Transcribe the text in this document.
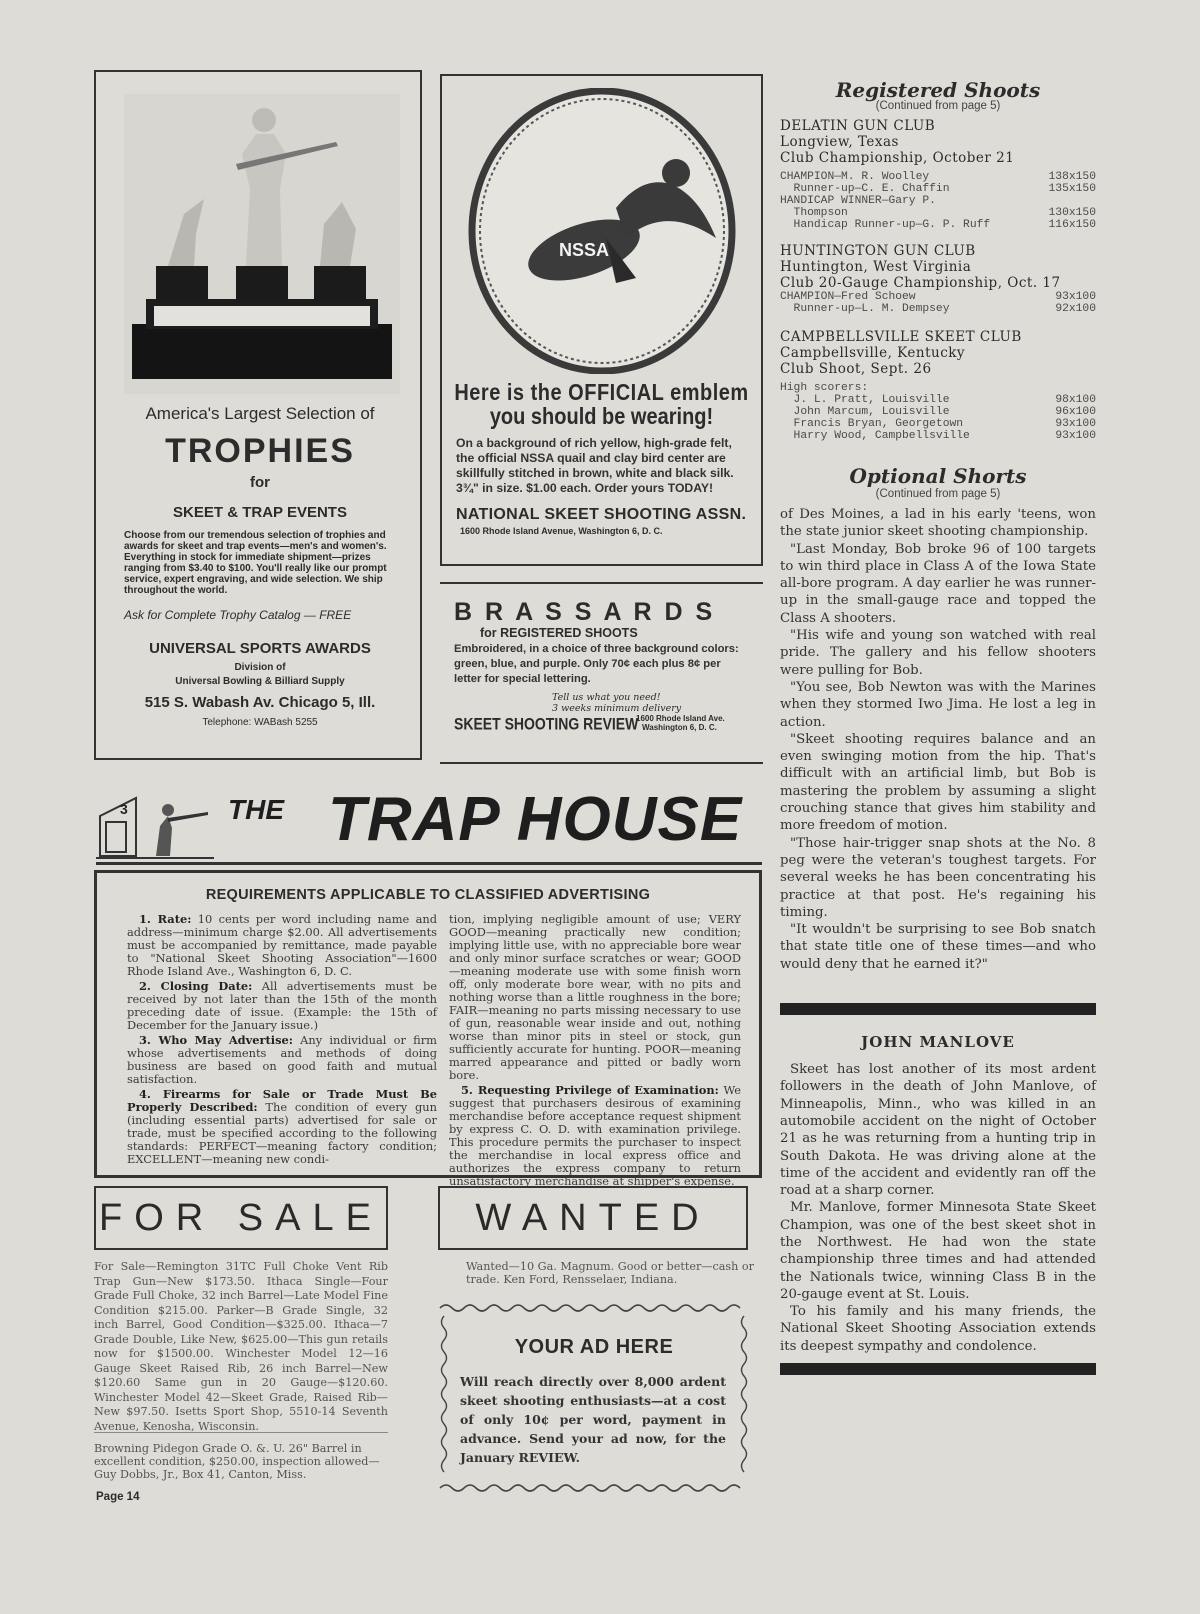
America's Largest Selection of
TROPHIES
for
SKEET & TRAP EVENTS
Choose from our tremendous selection of trophies and awards for skeet and trap events—men's and women's. Everything in stock for immediate shipment—prizes ranging from $3.40 to $100. You'll really like our prompt service, expert engraving, and wide selection. We ship throughout the world.
Ask for Complete Trophy Catalog — FREE
UNIVERSAL SPORTS AWARDS
Division of
Universal Bowling & Billiard Supply
515 S. Wabash Av. Chicago 5, Ill.
Telephone: WABash 5255
NSSA
Here is the OFFICIAL emblem
you should be wearing!
On a background of rich yellow, high-grade felt, the official NSSA quail and clay bird center are skillfully stitched in brown, white and black silk. 3¾" in size. $1.00 each. Order yours TODAY!
NATIONAL SKEET SHOOTING ASSN.
1600 Rhode Island Avenue, Washington 6, D. C.
B R A S S A R D S
for REGISTERED SHOOTS
Embroidered, in a choice of three background colors: green, blue, and purple. Only 70¢ each plus 8¢ per letter for special lettering.
Tell us what you need!
3 weeks minimum delivery
SKEET SHOOTING REVIEW
1600 Rhode Island Ave.
Washington 6, D. C.
3	THE TRAP HOUSE
REQUIREMENTS APPLICABLE TO CLASSIFIED ADVERTISING

1. Rate: 10 cents per word including name and address—minimum charge $2.00. All advertisements must be accompanied by remittance, made payable to "National Skeet Shooting Association"—1600 Rhode Island Ave., Washington 6, D. C.

2. Closing Date: All advertisements must be received by not later than the 15th of the month preceding date of issue. (Example: the 15th of December for the January issue.)

3. Who May Advertise: Any individual or firm whose advertisements and methods of doing business are based on good faith and mutual satisfaction.

4. Firearms for Sale or Trade Must Be Properly Described: The condition of every gun (including essential parts) advertised for sale or trade, must be specified according to the following standards: PERFECT—meaning factory condition; EXCELLENT—meaning new condi-

tion, implying negligible amount of use; VERY GOOD—meaning practically new condition; implying little use, with no appreciable bore wear and only minor surface scratches or wear; GOOD—meaning moderate use with some finish worn off, only moderate bore wear, with no pits and nothing worse than a little roughness in the bore; FAIR—meaning no parts missing necessary to use of gun, reasonable wear inside and out, nothing worse than minor pits in steel or stock, gun sufficiently accurate for hunting. POOR—meaning marred appearance and pitted or badly worn bore.

5. Requesting Privilege of Examination: We suggest that purchasers desirous of examining merchandise before acceptance request shipment by express C. O. D. with examination privilege. This procedure permits the purchaser to inspect the merchandise in local express office and authorizes the express company to return unsatisfactory merchandise at shipper's expense.

FOR SALE
For Sale—Remington 31TC Full Choke Vent Rib Trap Gun—New $173.50. Ithaca Single—Four Grade Full Choke, 32 inch Barrel—Late Model Fine Condition $215.00. Parker—B Grade Single, 32 inch Barrel, Good Condition—$325.00. Ithaca—7 Grade Double, Like New, $625.00—This gun retails now for $1500.00. Winchester Model 12—16 Gauge Skeet Raised Rib, 26 inch Barrel—New $120.60 Same gun in 20 Gauge—$120.60. Winchester Model 42—Skeet Grade, Raised Rib—New $97.50. Isetts Sport Shop, 5510-14 Seventh Avenue, Kenosha, Wisconsin.
Browning Pidegon Grade O. &. U. 26" Barrel in excellent condition, $250.00, inspection allowed—Guy Dobbs, Jr., Box 41, Canton, Miss.
WANTED
Wanted—10 Ga. Magnum. Good or better—cash or trade. Ken Ford, Rensselaer, Indiana.
YOUR AD HERE
Will reach directly over 8,000 ardent skeet shooting enthusiasts—at a cost of only 10¢ per word, payment in advance. Send your ad now, for the January REVIEW.
Page 14
Registered Shoots
(Continued from page 5)
DELATIN GUN CLUB
Longview, Texas
Club Championship, October 21
CHAMPION—M. R. Woolley	138x150
Runner-up—C. E. Chaffin	135x150
HANDICAP WINNER—Gary P.
Thompson	130x150
Handicap Runner-up—G. P. Ruff	116x150
HUNTINGTON GUN CLUB
Huntington, West Virginia
Club 20-Gauge Championship, Oct. 17
CHAMPION—Fred Schoew	93x100
Runner-up—L. M. Dempsey	92x100
CAMPBELLSVILLE SKEET CLUB
Campbellsville, Kentucky
Club Shoot, Sept. 26
High scorers:
J. L. Pratt, Louisville	98x100
John Marcum, Louisville	96x100
Francis Bryan, Georgetown	93x100
Harry Wood, Campbellsville	93x100
Optional Shorts
(Continued from page 5)

of Des Moines, a lad in his early 'teens, won the state junior skeet shooting championship.

"Last Monday, Bob broke 96 of 100 targets to win third place in Class A of the Iowa State all-bore program. A day earlier he was runner-up in the small-gauge race and topped the Class A shooters.

"His wife and young son watched with real pride. The gallery and his fellow shooters were pulling for Bob.

"You see, Bob Newton was with the Marines when they stormed Iwo Jima. He lost a leg in action.

"Skeet shooting requires balance and an even swinging motion from the hip. That's difficult with an artificial limb, but Bob is mastering the problem by assuming a slight crouching stance that gives him stability and more freedom of motion.

"Those hair-trigger snap shots at the No. 8 peg were the veteran's toughest targets. For several weeks he has been concentrating his practice at that post. He's regaining his timing.

"It wouldn't be surprising to see Bob snatch that state title one of these times—and who would deny that he earned it?"

JOHN MANLOVE

Skeet has lost another of its most ardent followers in the death of John Manlove, of Minneapolis, Minn., who was killed in an automobile accident on the night of October 21 as he was returning from a hunting trip in South Dakota. He was driving alone at the time of the accident and evidently ran off the road at a sharp corner.

Mr. Manlove, former Minnesota State Skeet Champion, was one of the best skeet shot in the Northwest. He had won the state championship three times and had attended the Nationals twice, winning Class B in the 20-gauge event at St. Louis.

To his family and his many friends, the National Skeet Shooting Association extends its deepest sympathy and condolence.
